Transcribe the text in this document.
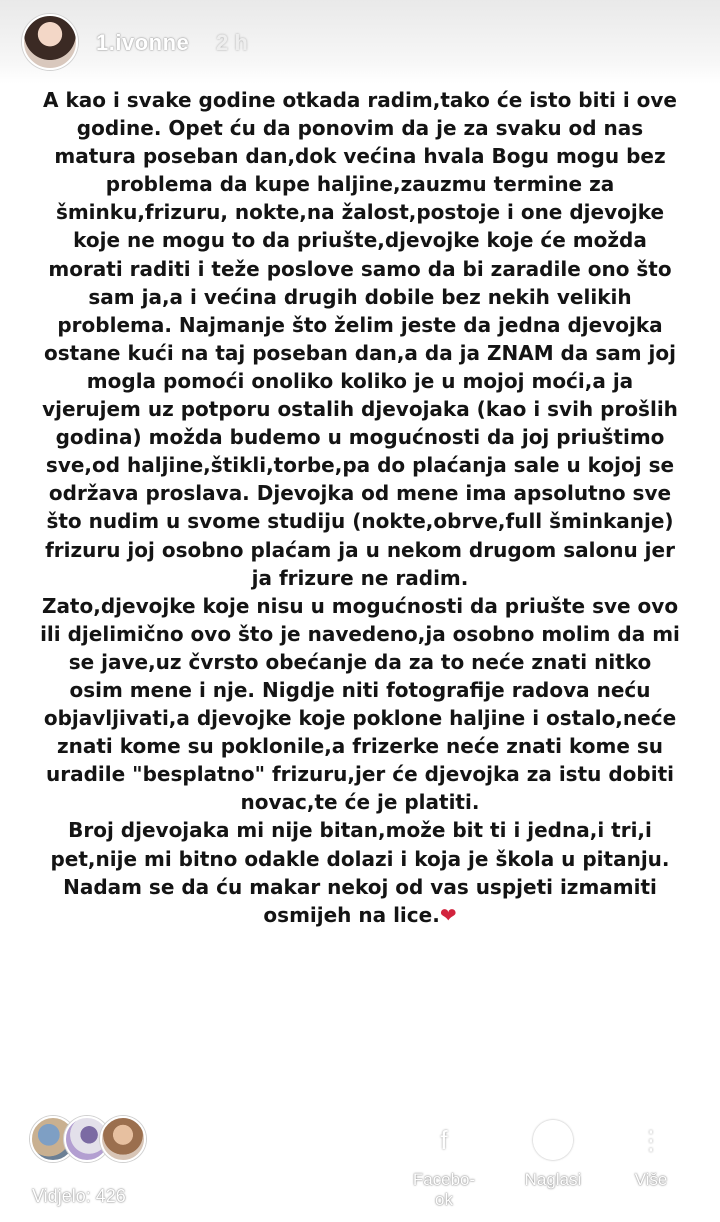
1.ivonne 2 h

A kao i svake godine otkada radim,tako će isto biti i ove godine. Opet ću da ponovim da je za svaku od nas matura poseban dan,dok većina hvala Bogu mogu bez problema da kupe haljine,zauzmu termine za šminku,frizuru, nokte,na žalost,postoje i one djevojke koje ne mogu to da priušte,djevojke koje će možda morati raditi i teže poslove samo da bi zaradile ono što sam ja,a i većina drugih dobile bez nekih velikih problema. Najmanje što želim jeste da jedna djevojka ostane kući na taj poseban dan,a da ja ZNAM da sam joj mogla pomoći onoliko koliko je u mojoj moći,a ja vjerujem uz potporu ostalih djevojaka (kao i svih prošlih godina) možda budemo u mogućnosti da joj priuštimo sve,od haljine,štikli,torbe,pa do plaćanja sale u kojoj se održava proslava. Djevojka od mene ima apsolutno sve što nudim u svome studiju (nokte,obrve,full šminkanje) frizuru joj osobno plaćam ja u nekom drugom salonu jer ja frizure ne radim.

Zato,djevojke koje nisu u mogućnosti da priušte sve ovo ili djelimično ovo što je navedeno,ja osobno molim da mi se jave,uz čvrsto obećanje da za to neće znati nitko osim mene i nje. Nigdje niti fotografije radova neću objavljivati,a djevojke koje poklone haljine i ostalo,neće znati kome su poklonile,a frizerke neće znati kome su uradile "besplatno" frizuru,jer će djevojka za istu dobiti novac,te će je platiti.

Broj djevojaka mi nije bitan,može bit ti i jedna,i tri,i pet,nije mi bitno odakle dolazi i koja je škola u pitanju.

Nadam se da ću makar nekoj od vas uspjeti izmamiti osmijeh na lice.❤

Vidjelo: 426
f
Facebo- ok
Naglasi
⋮
Više
